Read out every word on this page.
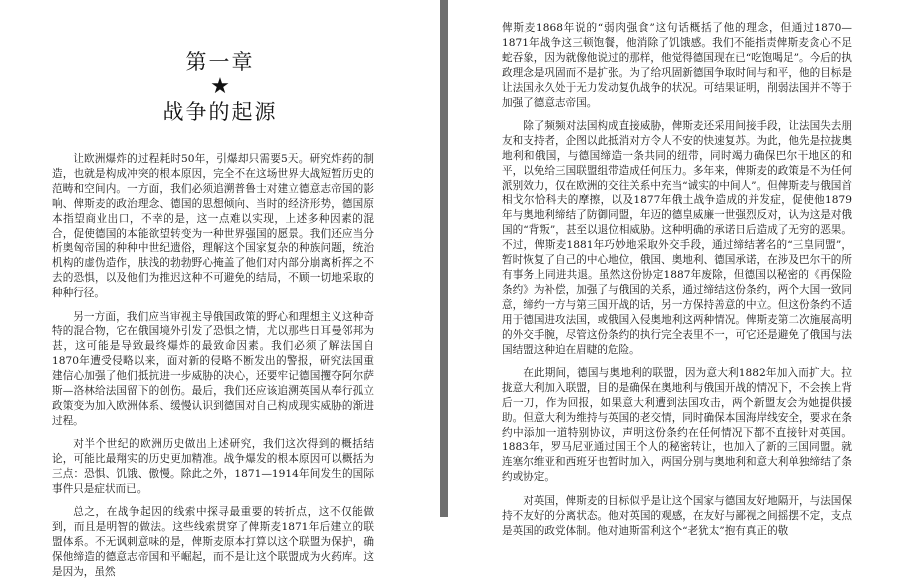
第一章
★
战争的起源

让欧洲爆炸的过程耗时50年，引爆却只需要5天。研究炸药的制造，也就是构成冲突的根本原因，完全不在这场世界大战短暂历史的范畴和空间内。一方面，我们必须追溯普鲁士对建立德意志帝国的影响、俾斯麦的政治理念、德国的思想倾向、当时的经济形势，德国原本指望商业出口，不幸的是，这一点难以实现，上述多种因素的混合，促使德国的本能欲望转变为一种世界强国的愿景。我们还应当分析奥匈帝国的种种中世纪遗俗，理解这个国家复杂的种族问题，统治机构的虚伪造作，肤浅的勃勃野心掩盖了他们对内部分崩离析挥之不去的恐惧，以及他们为推迟这种不可避免的结局，不顾一切地采取的种种行径。

另一方面，我们应当审视主导俄国政策的野心和理想主义这种奇特的混合物，它在俄国境外引发了恐惧之情，尤以那些日耳曼邻邦为甚，这可能是导致最终爆炸的最致命因素。我们必须了解法国自1870年遭受侵略以来，面对新的侵略不断发出的警报，研究法国重建信心加强了他们抵抗进一步威胁的决心，还要牢记德国攫夺阿尔萨斯—洛林给法国留下的创伤。最后，我们还应该追溯英国从奉行孤立政策变为加入欧洲体系、缓慢认识到德国对自己构成现实威胁的渐进过程。

对半个世纪的欧洲历史做出上述研究，我们这次得到的概括结论，可能比最翔实的历史更加精准。战争爆发的根本原因可以概括为三点：恐惧、饥饿、傲慢。除此之外，1871—1914年间发生的国际事件只是症状而已。

总之，在战争起因的线索中探寻最重要的转折点，这不仅能做到，而且是明智的做法。这些线索贯穿了俾斯麦1871年后建立的联盟体系。不无讽刺意味的是，俾斯麦原本打算以这个联盟为保护，确保他缔造的德意志帝国和平崛起，而不是让这个联盟成为火药库。这是因为，虽然

俾斯麦1868年说的“弱肉强食”这句话概括了他的理念，但通过1870—1871年战争这三顿饱餐，他消除了饥饿感。我们不能指责俾斯麦贪心不足蛇吞象，因为就像他说过的那样，他觉得德国现在已“吃饱喝足”。今后的执政理念是巩固而不是扩张。为了给巩固新德国争取时间与和平，他的目标是让法国永久处于无力发动复仇战争的状况。可结果证明，削弱法国并不等于加强了德意志帝国。

除了频频对法国构成直接威胁，俾斯麦还采用间接手段，让法国失去朋友和支持者，企图以此抵消对方令人不安的快速复苏。为此，他先是拉拢奥地利和俄国，与德国缔造一条共同的纽带，同时竭力确保巴尔干地区的和平，以免给三国联盟组带造成任何压力。多年来，俾斯麦的政策是不为任何派别效力，仅在欧洲的交往关系中充当“诚实的中间人”。但俾斯麦与俄国首相戈尔恰科夫的摩擦，以及1877年俄土战争造成的并发症，促使他1879年与奥地利缔结了防御同盟，年迈的德皇威廉一世强烈反对，认为这是对俄国的“背叛”，甚至以退位相威胁。这种明确的承诺日后造成了无穷的恶果。不过，俾斯麦1881年巧妙地采取外交手段，通过缔结著名的“三皇同盟”，暂时恢复了自己的中心地位，俄国、奥地利、德国承诺，在涉及巴尔干的所有事务上同进共退。虽然这份协定1887年废除，但德国以秘密的《再保险条约》为补偿，加强了与俄国的关系，通过缔结这份条约，两个大国一致同意，缔约一方与第三国开战的话，另一方保持善意的中立。但这份条约不适用于德国进攻法国，或俄国入侵奥地利这两种情况。俾斯麦第二次施展高明的外交手腕，尽管这份条约的执行完全表里不一，可它还是避免了俄国与法国结盟这种迫在眉睫的危险。

在此期间，德国与奥地利的联盟，因为意大利1882年加入而扩大。拉拢意大利加入联盟，目的是确保在奥地利与俄国开战的情况下，不会挨上背后一刀，作为回报，如果意大利遭到法国攻击，两个新盟友会为她提供援助。但意大利为维持与英国的老交情，同时确保本国海岸线安全，要求在条约中添加一道特别协议，声明这份条约在任何情况下都不直接针对英国。1883年，罗马尼亚通过国王个人的秘密转让，也加入了新的三国同盟。就连塞尔维亚和西班牙也暂时加入，两国分别与奥地利和意大利单独缔结了条约或协定。

对英国，俾斯麦的目标似乎是让这个国家与德国友好地隔开，与法国保持不友好的分离状态。他对英国的观感，在友好与鄙视之间摇摆不定，支点是英国的政党体制。他对迪斯雷利这个“老犹太”抱有真正的敬
